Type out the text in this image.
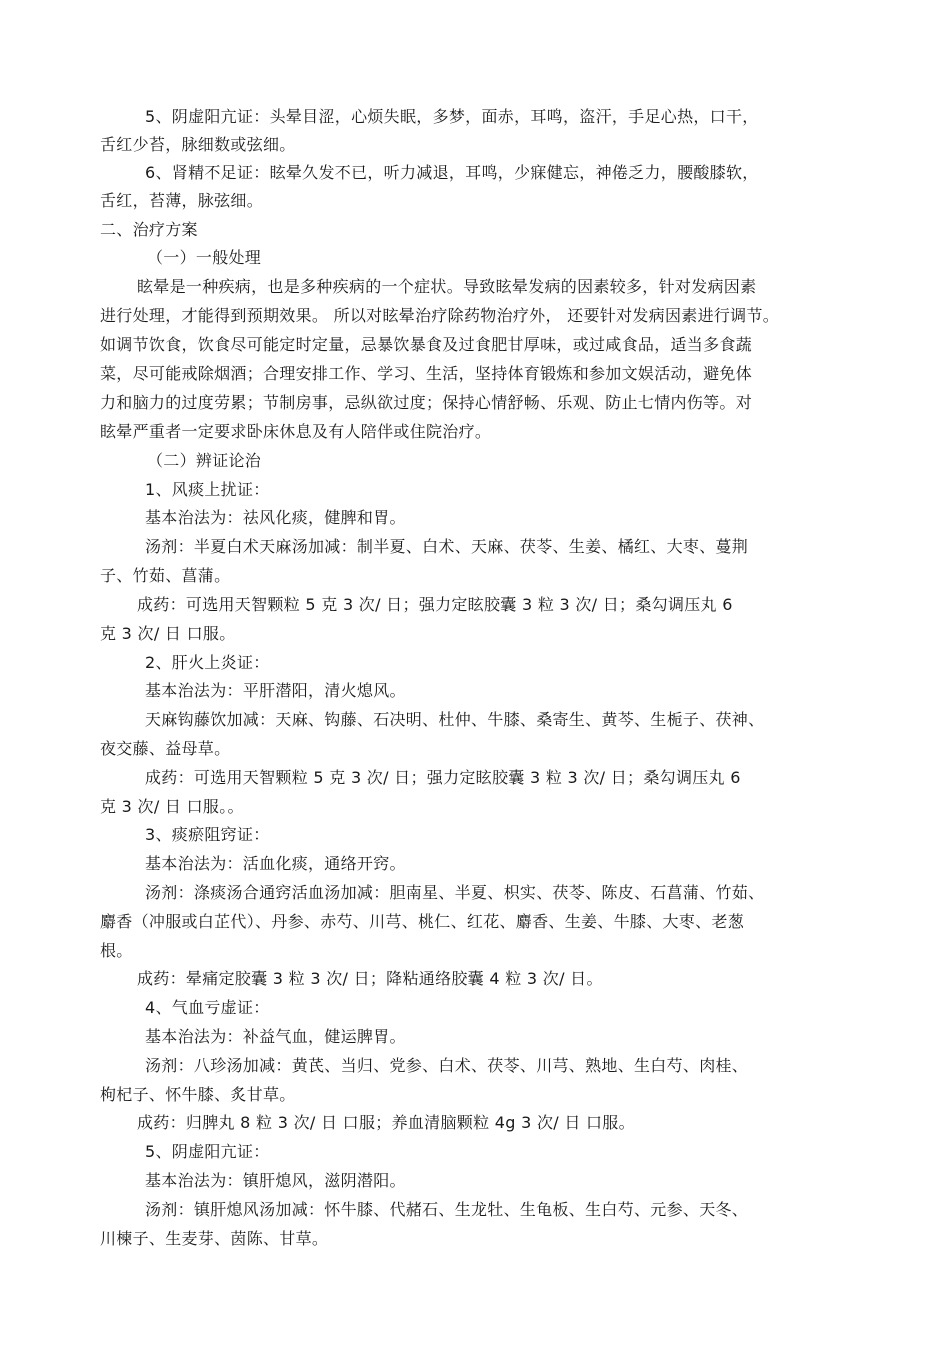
5、阴虚阳亢证：头晕目涩，心烦失眠，多梦，面赤，耳鸣，盗汗，手足心热，口干，
舌红少苔，脉细数或弦细。
6、肾精不足证：眩晕久发不已，听力减退，耳鸣，少寐健忘，神倦乏力，腰酸膝软，
舌红，苔薄，脉弦细。
二、治疗方案
（一）一般处理
眩晕是一种疾病，也是多种疾病的一个症状。导致眩晕发病的因素较多，针对发病因素
进行处理，才能得到预期效果。 所以对眩晕治疗除药物治疗外， 还要针对发病因素进行调节。
如调节饮食，饮食尽可能定时定量，忌暴饮暴食及过食肥甘厚味，或过咸食品，适当多食蔬
菜，尽可能戒除烟酒；合理安排工作、学习、生活，坚持体育锻炼和参加文娱活动，避免体
力和脑力的过度劳累；节制房事，忌纵欲过度；保持心情舒畅、乐观、防止七情内伤等。对
眩晕严重者一定要求卧床休息及有人陪伴或住院治疗。
（二）辨证论治
1、风痰上扰证：
基本治法为：祛风化痰，健脾和胃。
汤剂：半夏白术天麻汤加减：制半夏、白术、天麻、茯苓、生姜、橘红、大枣、蔓荆
子、竹茹、菖蒲。
成药：可选用天智颗粒 5 克 3 次/ 日；强力定眩胶囊 3 粒 3 次/ 日；桑勾调压丸 6
克 3 次/ 日 口服。
2、肝火上炎证：
基本治法为：平肝潜阳，清火熄风。
天麻钩藤饮加减：天麻、钩藤、石决明、杜仲、牛膝、桑寄生、黄芩、生栀子、茯神、
夜交藤、益母草。
成药：可选用天智颗粒 5 克 3 次/ 日；强力定眩胶囊 3 粒 3 次/ 日；桑勾调压丸 6
克 3 次/ 日 口服。。
3、痰瘀阻窍证：
基本治法为：活血化痰，通络开窍。
汤剂：涤痰汤合通窍活血汤加减：胆南星、半夏、枳实、茯苓、陈皮、石菖蒲、竹茹、
麝香（冲服或白芷代）、丹参、赤芍、川芎、桃仁、红花、麝香、生姜、牛膝、大枣、老葱
根。
成药：晕痛定胶囊 3 粒 3 次/ 日；降粘通络胶囊 4 粒 3 次/ 日。
4、气血亏虚证：
基本治法为：补益气血，健运脾胃。
汤剂：八珍汤加减：黄芪、当归、党参、白术、茯苓、川芎、熟地、生白芍、肉桂、
枸杞子、怀牛膝、炙甘草。
成药：归脾丸 8 粒 3 次/ 日 口服；养血清脑颗粒 4g 3 次/ 日 口服。
5、阴虚阳亢证：
基本治法为：镇肝熄风，滋阴潜阳。
汤剂：镇肝熄风汤加减：怀牛膝、代赭石、生龙牡、生龟板、生白芍、元参、天冬、
川楝子、生麦芽、茵陈、甘草。
